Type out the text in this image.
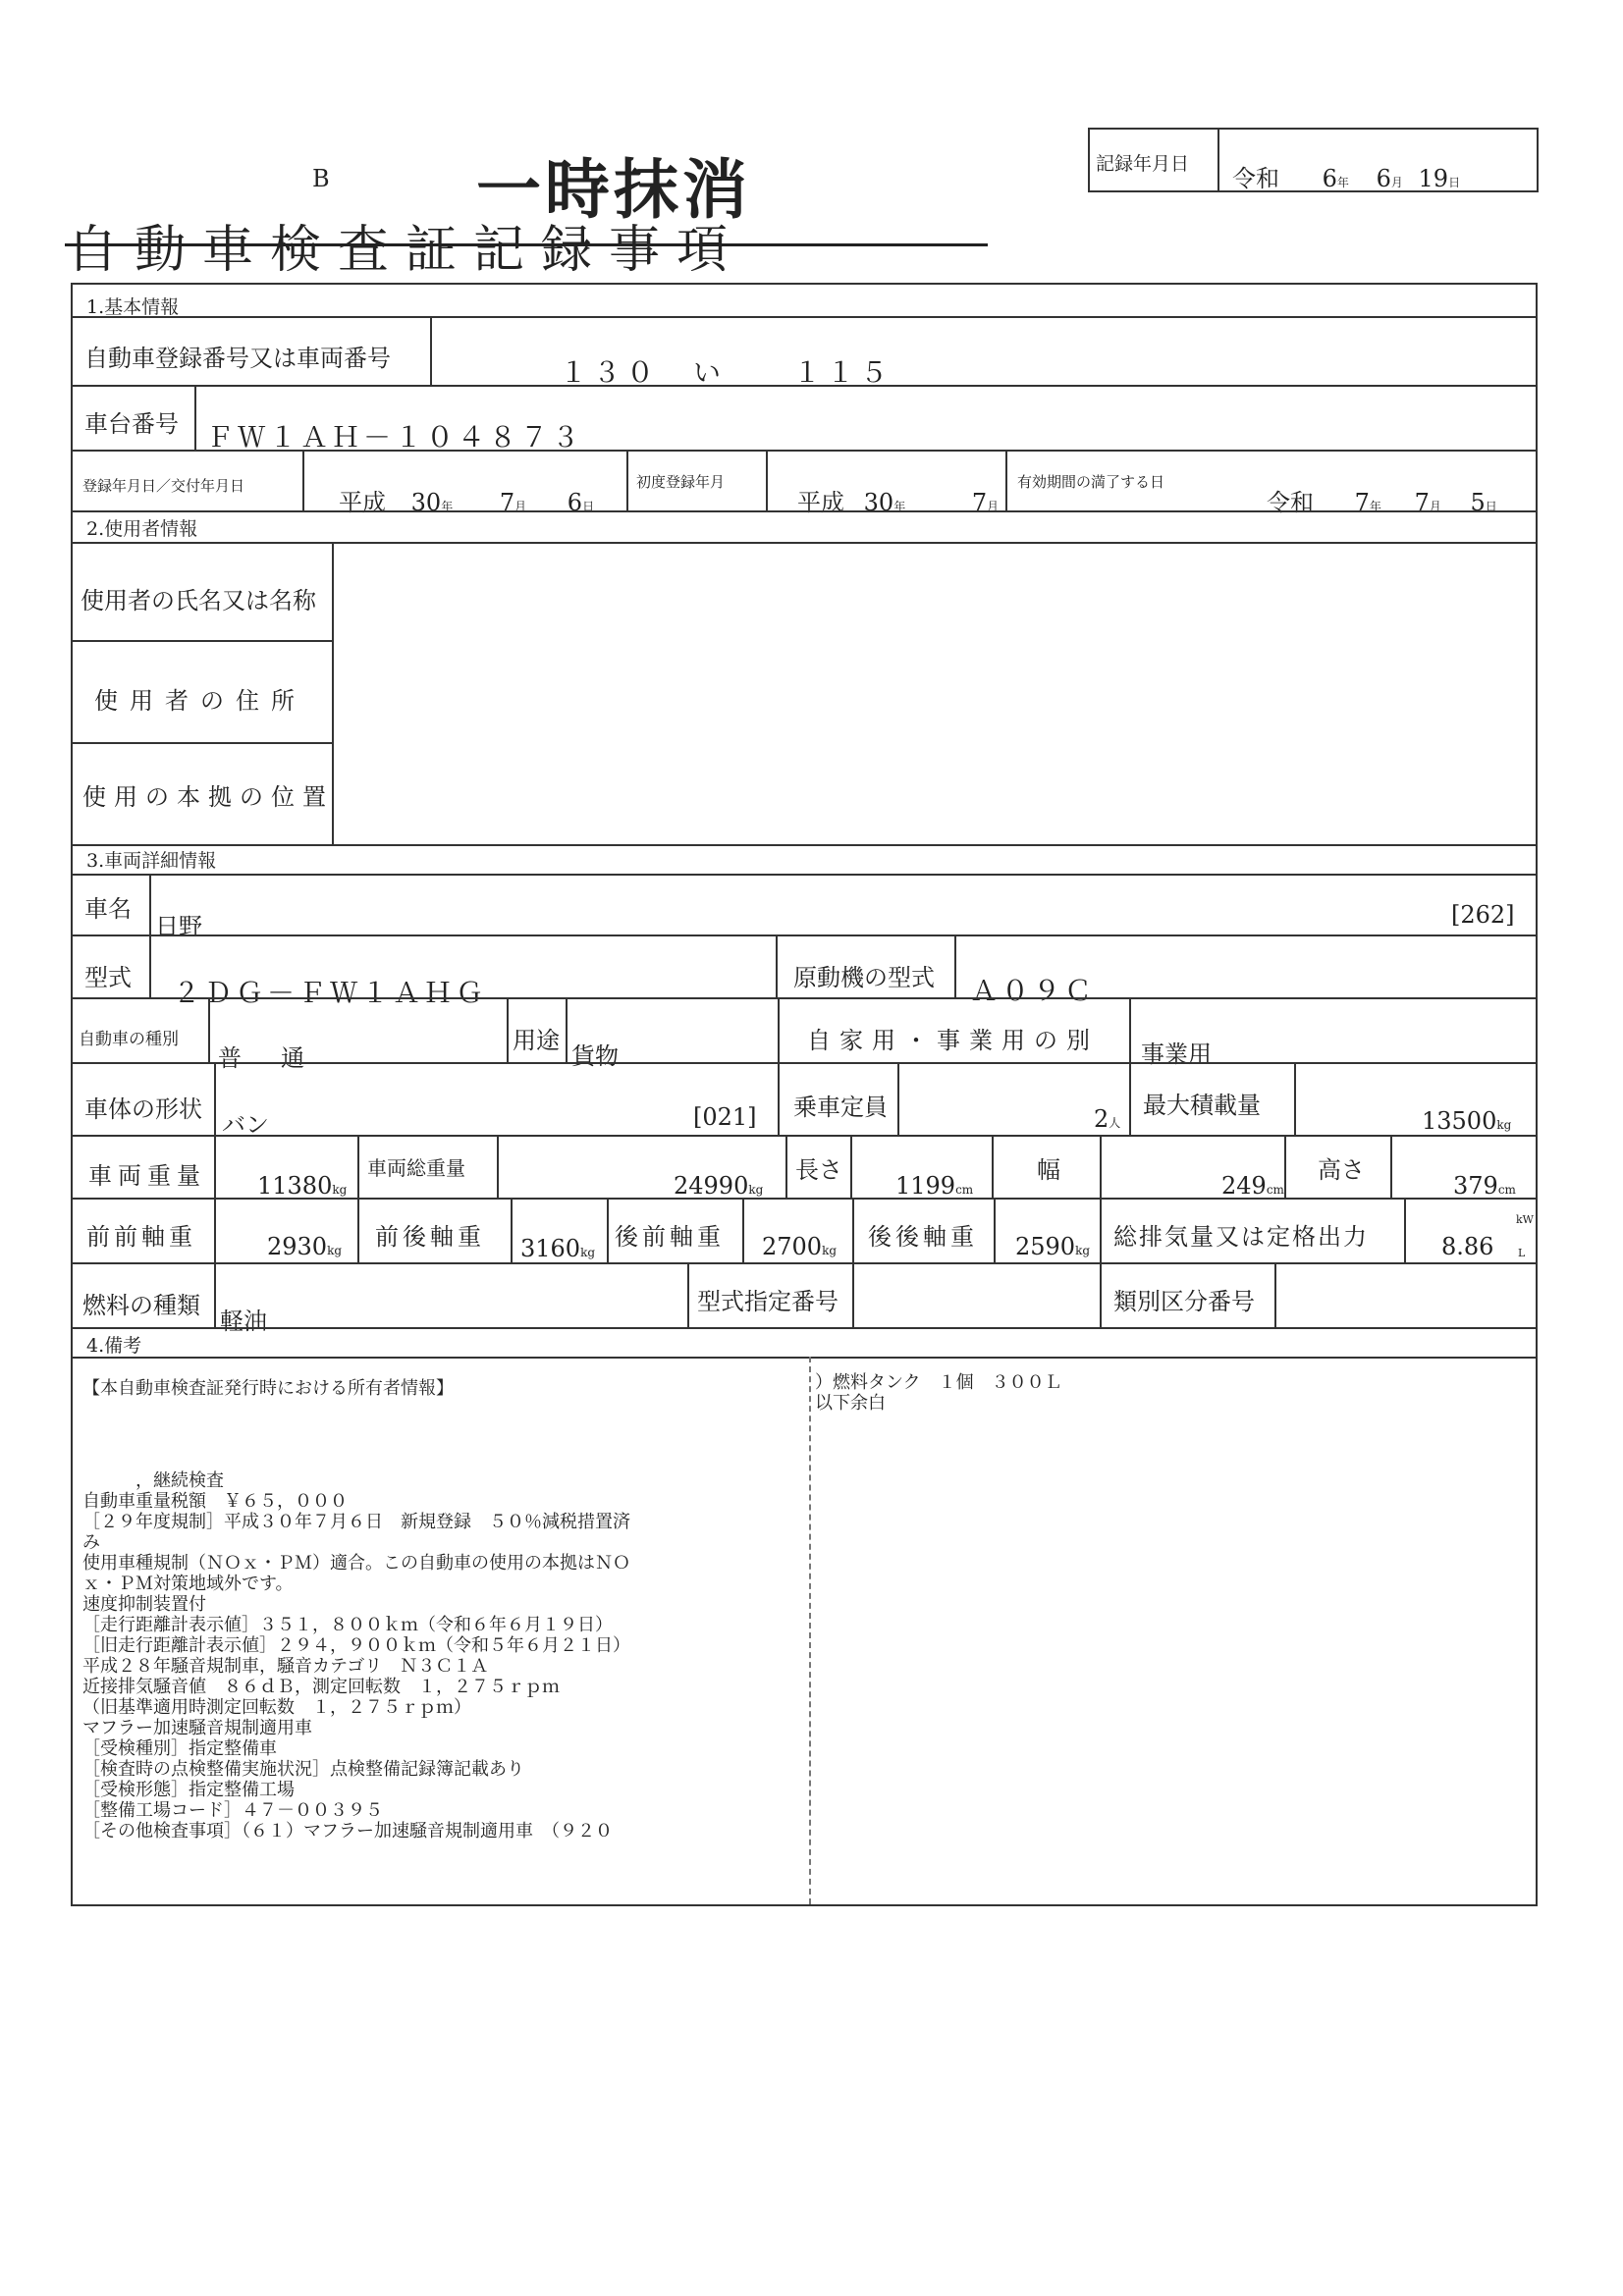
B 一時抹消
自動車検査証記録事項
記録年月日
令和 6年 6月 19日
1.基本情報
自動車登録番号又は車両番号	１３０　い　　１１５
車台番号 ＦＷ１ＡＨ－１０４８７３
登録年月日／交付年月日
平成 30年 7月 6日
初度登録年月
平成 30年	7月
有効期間の満了する日
令和 7年 7月 5日
2.使用者情報
使用者の氏名又は名称
使用者の住所
使用の本拠の位置
3.車両詳細情報
車名
日野	[262]
型式 ２ＤＧ－ＦＷ１ＡＨＧ	原動機の型式 Ａ０９Ｃ
自動車の種別
普　通
用途
貨物
自家用・事業用の別 事業用
車体の形状
バン	[021] 乗車定員	2人
最大積載量
13500kg
車両重量 11380kg
車両総重量
24990kg
長さ
1199cm
幅
249cm
高さ
379cm
前前軸重	2930kg 前後軸重 3160kg
後前軸重 2700kg 後後軸重 2590kg 総排気量又は定格出力	8.86
kW
L
燃料の種類
軽油
型式指定番号	類別区分番号
4.備考
【本自動車検査証発行時における所有者情報】
　　　，継続検査
自動車重量税額　￥６５，０００
［２９年度規制］平成３０年７月６日　新規登録　５０％減税措置済
み
使用車種規制（ＮＯｘ・ＰＭ）適合。この自動車の使用の本拠はＮＯ
ｘ・ＰＭ対策地域外です。
速度抑制装置付
［走行距離計表示値］３５１，８００ｋｍ（令和６年６月１９日）
［旧走行距離計表示値］２９４，９００ｋｍ（令和５年６月２１日）
平成２８年騒音規制車，騒音カテゴリ　Ｎ３Ｃ１Ａ
近接排気騒音値　８６ｄＢ，測定回転数　１，２７５ｒｐｍ
（旧基準適用時測定回転数　１，２７５ｒｐｍ）
マフラー加速騒音規制適用車
［受検種別］指定整備車
［検査時の点検整備実施状況］点検整備記録簿記載あり
［受検形態］指定整備工場
［整備工場コード］４７－００３９５
［その他検査事項］（６１）マフラー加速騒音規制適用車　（９２０
）燃料タンク　１個　３００Ｌ
以下余白
